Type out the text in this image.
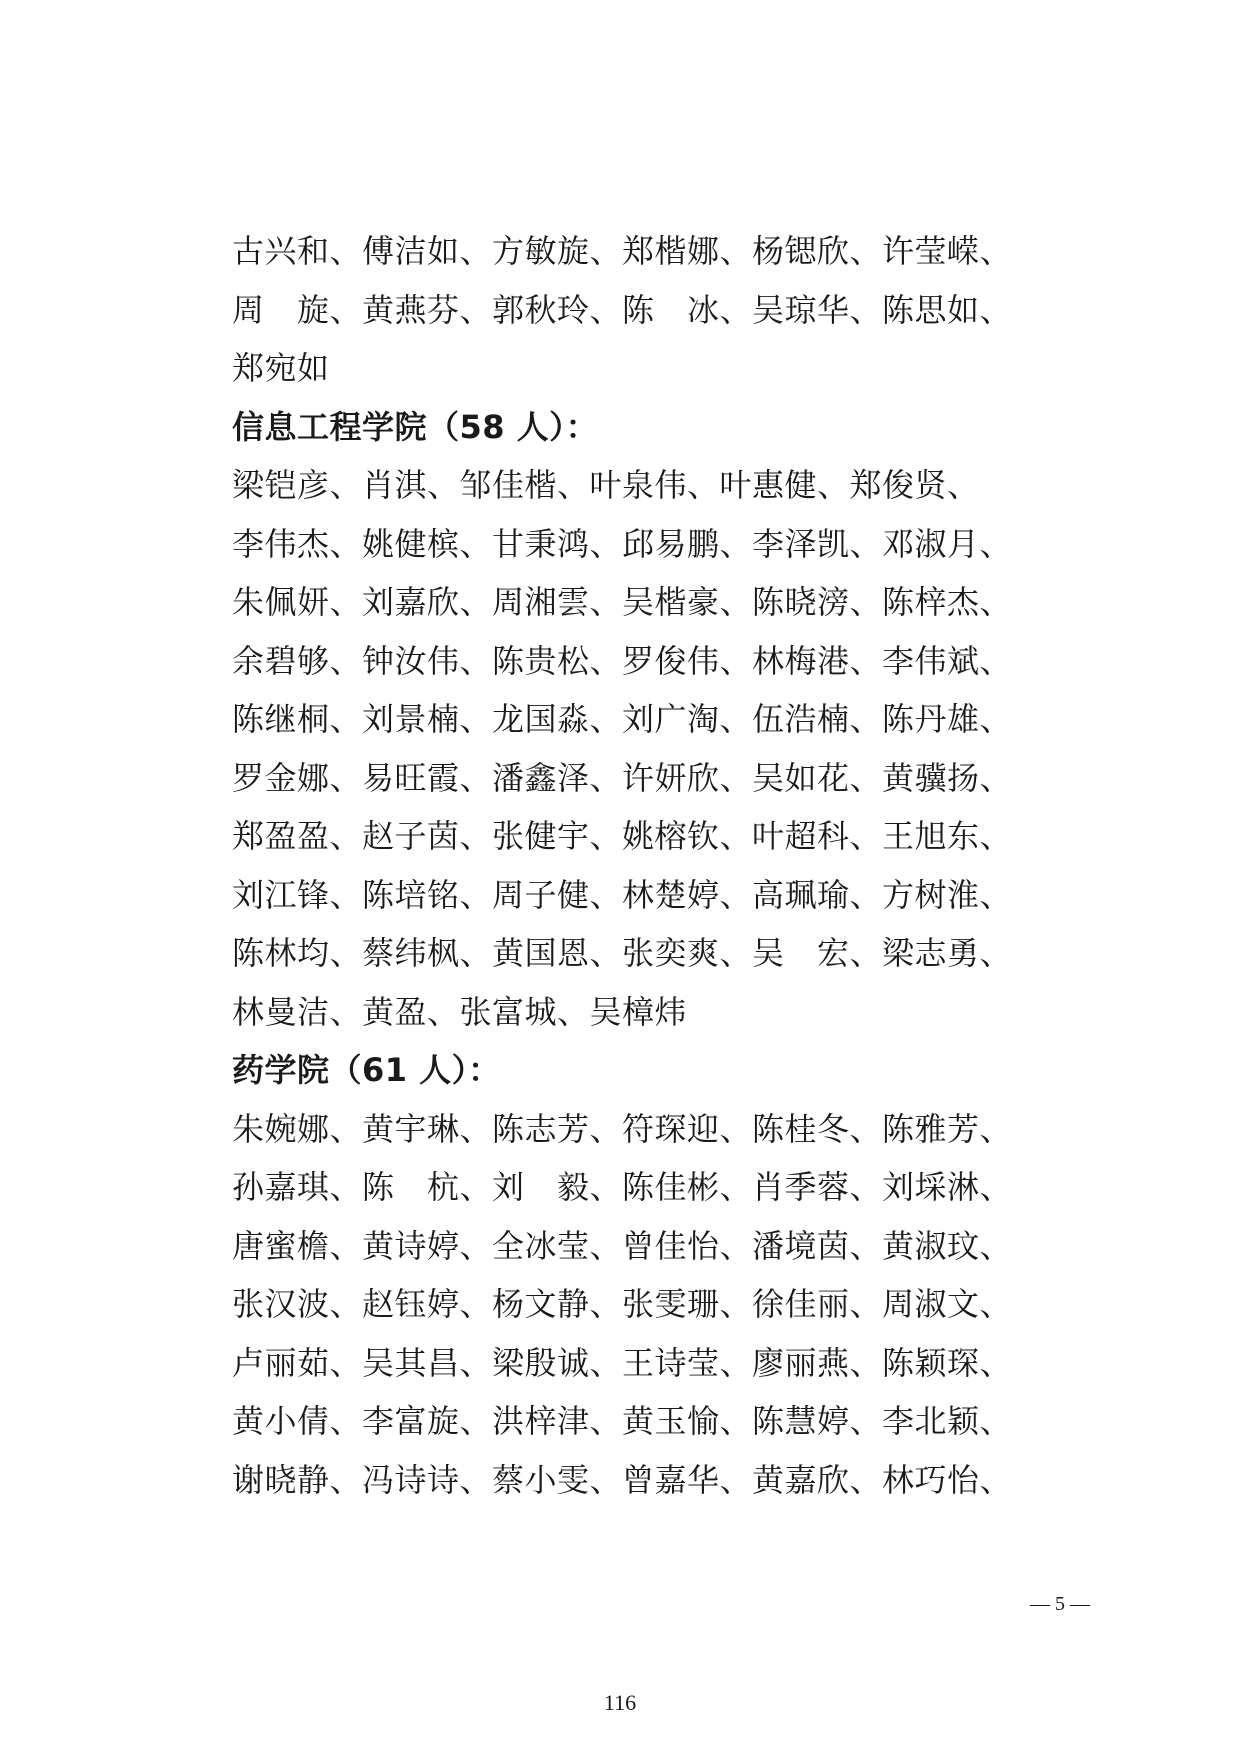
古兴和、傅洁如、方敏旋、郑楷娜、杨锶欣、许莹嵘、
周　旋、黄燕芬、郭秋玲、陈　冰、吴琼华、陈思如、
郑宛如
信息工程学院（58 人）：
梁铠彦、肖淇、邹佳楷、叶泉伟、叶惠健、郑俊贤、
李伟杰、姚健槟、甘秉鸿、邱易鹏、李泽凯、邓淑月、
朱佩妍、刘嘉欣、周湘雲、吴楷豪、陈晓滂、陈梓杰、
余碧够、钟汝伟、陈贵松、罗俊伟、林梅港、李伟斌、
陈继桐、刘景楠、龙国淼、刘广淘、伍浩楠、陈丹雄、
罗金娜、易旺霞、潘鑫泽、许妍欣、吴如花、黄骥扬、
郑盈盈、赵子茵、张健宇、姚榕钦、叶超科、王旭东、
刘江锋、陈培铭、周子健、林楚婷、高珮瑜、方树淮、
陈林均、蔡纬枫、黄国恩、张奕爽、吴　宏、梁志勇、
林曼洁、黄盈、张富城、吴樟炜
药学院（61 人）：
朱婉娜、黄宇琳、陈志芳、符琛迎、陈桂冬、陈雅芳、
孙嘉琪、陈　杭、刘　毅、陈佳彬、肖季蓉、刘埰淋、
唐蜜檐、黄诗婷、全冰莹、曾佳怡、潘境茵、黄淑玟、
张汉波、赵钰婷、杨文静、张雯珊、徐佳丽、周淑文、
卢丽茹、吴其昌、梁殷诚、王诗莹、廖丽燕、陈颖琛、
黄小倩、李富旋、洪梓津、黄玉愉、陈慧婷、李北颖、
谢晓静、冯诗诗、蔡小雯、曾嘉华、黄嘉欣、林巧怡、
— 5 —
116
